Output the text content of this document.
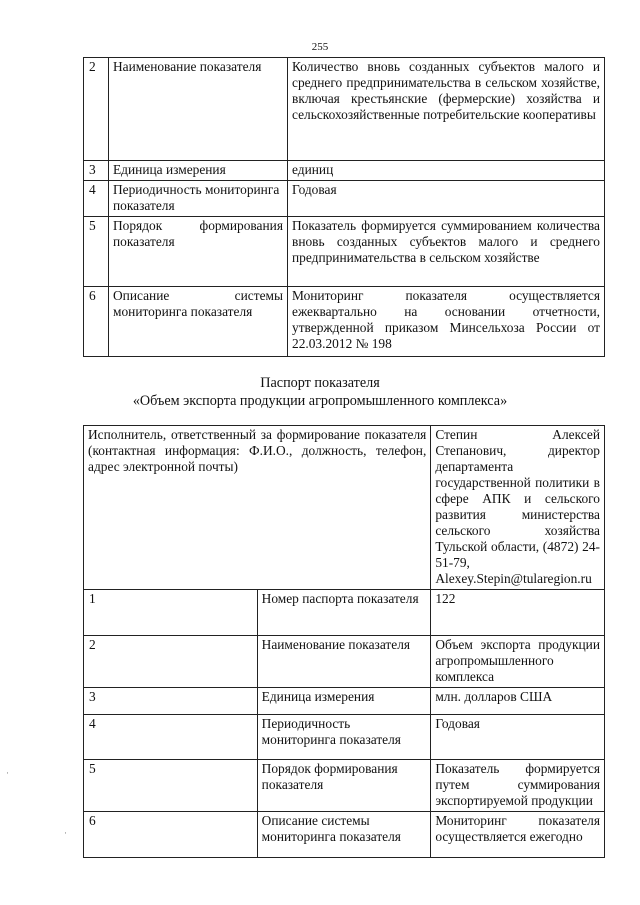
255
2	Наименование показателя	Количество вновь созданных субъектов малого и среднего предпринимательства в сельском хозяйстве, включая крестьянские (фермерские) хозяйства и сельскохозяйственные потребительские кооперативы
3	Единица измерения	единиц
4	Периодичность мониторинга показателя	Годовая
5	Порядок формирования показателя	Показатель формируется суммированием количества вновь созданных субъектов малого и среднего предпринимательства в сельском хозяйстве
6	Описание системы мониторинга показателя	Мониторинг показателя осуществляется ежеквартально на основании отчетности, утвержденной приказом Минсельхоза России от 22.03.2012 № 198
Паспорт показателя
«Объем экспорта продукции агропромышленного комплекса»
Исполнитель, ответственный за формирование показателя (контактная информация: Ф.И.О., должность, телефон, адрес электронной почты)		Степин Алексей Степанович, директор департамента государственной политики в сфере АПК и сельского развития министерства сельского хозяйства Тульской области, (4872) 24-51-79, Alexey.Stepin@tularegion.ru
1	Номер паспорта показателя	122
2	Наименование показателя	Объем экспорта продукции агропромышленного комплекса
3	Единица измерения	млн. долларов США
4	Периодичность мониторинга показателя	Годовая
5	Порядок формирования показателя	Показатель формируется путем суммирования экспортируемой продукции
6	Описание системы мониторинга показателя	Мониторинг показателя осуществляется ежегодно
·
·
